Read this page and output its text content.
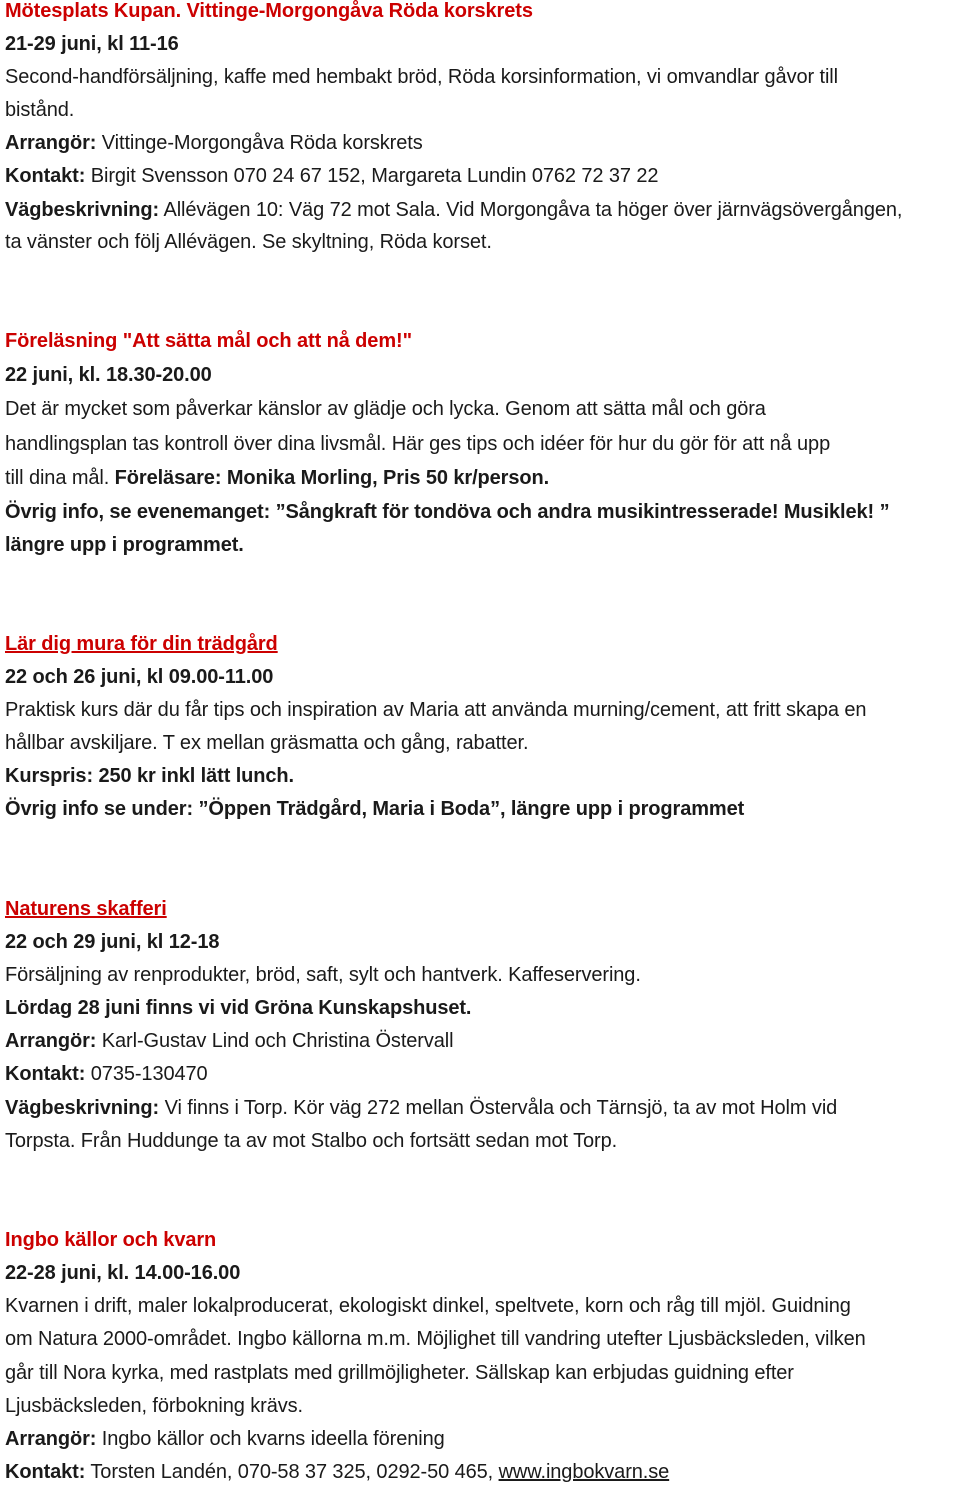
Mötesplats Kupan. Vittinge-Morgongåva Röda korskrets
21-29 juni, kl 11-16
Second-handförsäljning, kaffe med hembakt bröd, Röda korsinformation, vi omvandlar gåvor till
bistånd.
Arrangör: Vittinge-Morgongåva Röda korskrets
Kontakt: Birgit Svensson 070 24 67 152, Margareta Lundin 0762 72 37 22
Vägbeskrivning: Allévägen 10: Väg 72 mot Sala. Vid Morgongåva ta höger över järnvägsövergången,
ta vänster och följ Allévägen. Se skyltning, Röda korset.
Föreläsning "Att sätta mål och att nå dem!"
22 juni, kl. 18.30-20.00
Det är mycket som påverkar känslor av glädje och lycka. Genom att sätta mål och göra
handlingsplan tas kontroll över dina livsmål. Här ges tips och idéer för hur du gör för att nå upp
till dina mål. Föreläsare: Monika Morling, Pris 50 kr/person.
Övrig info, se evenemanget: ”Sångkraft för tondöva och andra musikintresserade! Musiklek! ”
längre upp i programmet.
Lär dig mura för din trädgård
22 och 26 juni, kl 09.00-11.00
Praktisk kurs där du får tips och inspiration av Maria att använda murning/cement, att fritt skapa en
hållbar avskiljare. T ex mellan gräsmatta och gång, rabatter.
Kurspris: 250 kr inkl lätt lunch.
Övrig info se under: ”Öppen Trädgård, Maria i Boda”, längre upp i programmet
Naturens skafferi
22 och 29 juni, kl 12-18
Försäljning av renprodukter, bröd, saft, sylt och hantverk. Kaffeservering.
Lördag 28 juni finns vi vid Gröna Kunskapshuset.
Arrangör: Karl-Gustav Lind och Christina Östervall
Kontakt: 0735-130470
Vägbeskrivning: Vi finns i Torp. Kör väg 272 mellan Östervåla och Tärnsjö, ta av mot Holm vid
Torpsta. Från Huddunge ta av mot Stalbo och fortsätt sedan mot Torp.
Ingbo källor och kvarn
22-28 juni, kl. 14.00-16.00
Kvarnen i drift, maler lokalproducerat, ekologiskt dinkel, speltvete, korn och råg till mjöl. Guidning
om Natura 2000-området. Ingbo källorna m.m. Möjlighet till vandring utefter Ljusbäcksleden, vilken
går till Nora kyrka, med rastplats med grillmöjligheter. Sällskap kan erbjudas guidning efter
Ljusbäcksleden, förbokning krävs.
Arrangör: Ingbo källor och kvarns ideella förening
Kontakt: Torsten Landén, 070-58 37 325, 0292-50 465, www.ingbokvarn.se
